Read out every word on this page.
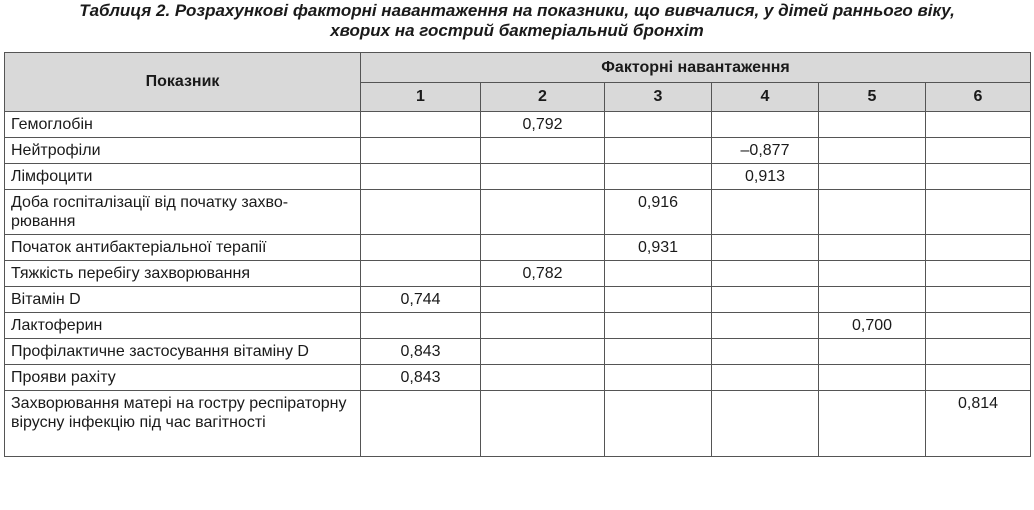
Таблиця 2. Розрахункові факторні навантаження на показники, що вивчалися, у дітей раннього віку,
хворих на гострий бактеріальний бронхіт
Показник	Факторні навантаження					
	1	2	3	4	5	6
Гемоглобін		0,792				
Нейтрофіли				–0,877		
Лімфоцити				0,913		
Доба госпіталізації від початку захво-рювання			0,916			
Початок антибактеріальної терапії			0,931			
Тяжкість перебігу захворювання		0,782				
Вітамін D	0,744					
Лактоферин					0,700	
Профілактичне застосування вітаміну D	0,843					
Прояви рахіту	0,843					
Захворювання матері на гостру респіраторну вірусну інфекцію під час вагітності						0,814
